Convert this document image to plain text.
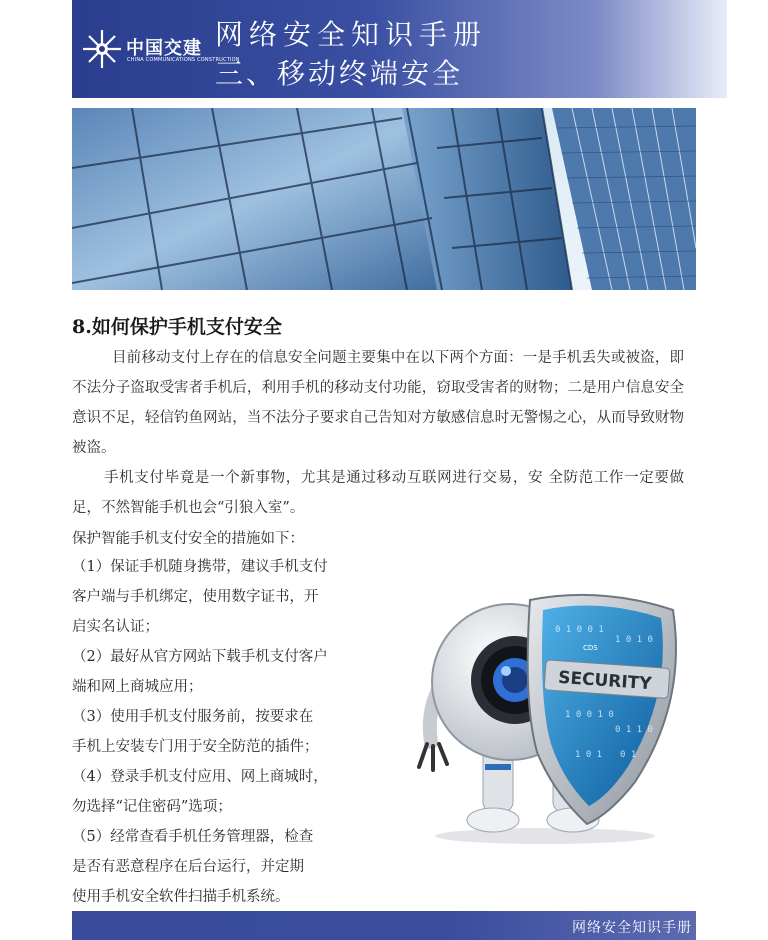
中国交建
CHINA COMMUNICATIONS CONSTRUCTION
网络安全知识手册
三、移动终端安全
8.如何保护手机支付安全

目前移动支付上存在的信息安全问题主要集中在以下两个方面：一是手机丢失或被盗，即不法分子盗取受害者手机后，利用手机的移动支付功能，窃取受害者的财物；二是用户信息安全意识不足，轻信钓鱼网站，当不法分子要求自己告知对方敏感信息时无警惕之心，从而导致财物被盗。

手机支付毕竟是一个新事物，尤其是通过移动互联网进行交易，安 全防范工作一定要做足，不然智能手机也会“引狼入室”。

保护智能手机支付安全的措施如下：

（1）保证手机随身携带，建议手机支付
客户端与手机绑定，使用数字证书，开
启实名认证；

（2）最好从官方网站下载手机支付客户
端和网上商城应用；

（3）使用手机支付服务前，按要求在
手机上安装专门用于安全防范的插件；

（4）登录手机支付应用、网上商城时，
勿选择“记住密码”选项；

（5）经常查看手机任务管理器，检查
是否有恶意程序在后台运行，并定期
使用手机安全软件扫描手机系统。

SECURITY
CDS
0 1 0 0 1
1 0 1 0
1 0 0 1 0
0 1 1 0
1 0 1 0 1
网络安全知识手册
